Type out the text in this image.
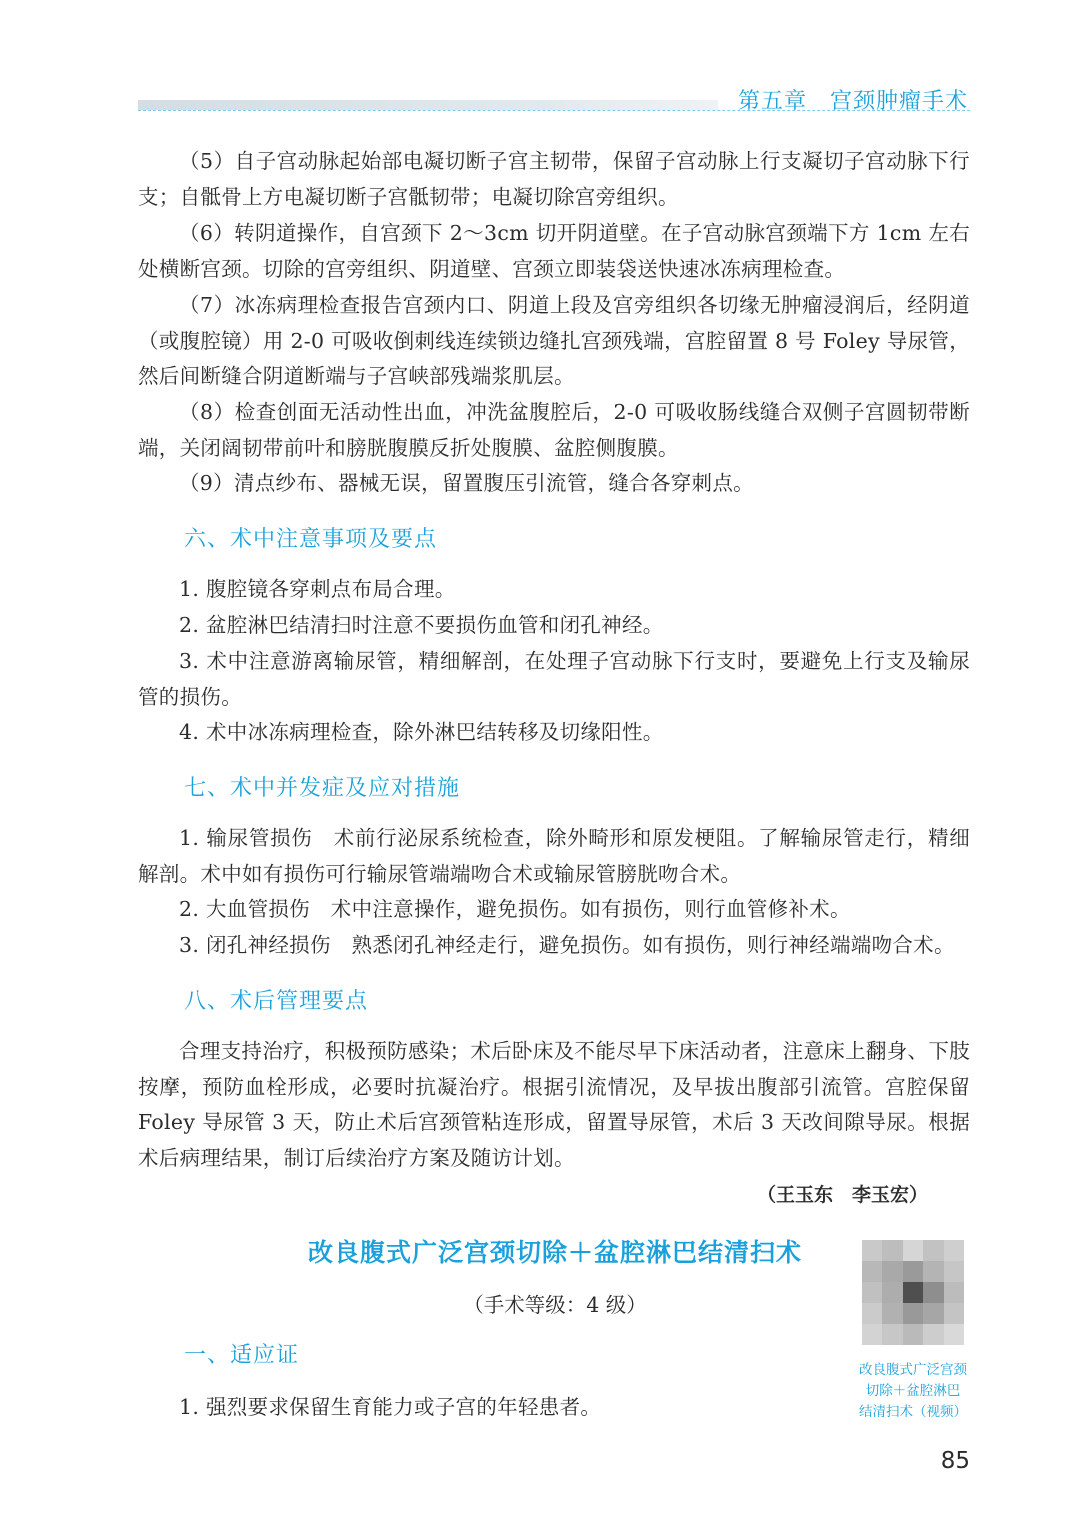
第五章　宫颈肿瘤手术

（5）自子宫动脉起始部电凝切断子宫主韧带，保留子宫动脉上行支凝切子宫动脉下行支；自骶骨上方电凝切断子宫骶韧带；电凝切除宫旁组织。

（6）转阴道操作，自宫颈下 2～3cm 切开阴道壁。在子宫动脉宫颈端下方 1cm 左右处横断宫颈。切除的宫旁组织、阴道壁、宫颈立即装袋送快速冰冻病理检查。

（7）冰冻病理检查报告宫颈内口、阴道上段及宫旁组织各切缘无肿瘤浸润后，经阴道（或腹腔镜）用 2-0 可吸收倒刺线连续锁边缝扎宫颈残端，宫腔留置 8 号 Foley 导尿管，然后间断缝合阴道断端与子宫峡部残端浆肌层。

（8）检查创面无活动性出血，冲洗盆腹腔后，2-0 可吸收肠线缝合双侧子宫圆韧带断端，关闭阔韧带前叶和膀胱腹膜反折处腹膜、盆腔侧腹膜。

（9）清点纱布、器械无误，留置腹压引流管，缝合各穿刺点。

六、术中注意事项及要点

1. 腹腔镜各穿刺点布局合理。

2. 盆腔淋巴结清扫时注意不要损伤血管和闭孔神经。

3. 术中注意游离输尿管，精细解剖，在处理子宫动脉下行支时，要避免上行支及输尿管的损伤。

4. 术中冰冻病理检查，除外淋巴结转移及切缘阳性。

七、术中并发症及应对措施

1. 输尿管损伤　术前行泌尿系统检查，除外畸形和原发梗阻。了解输尿管走行，精细解剖。术中如有损伤可行输尿管端端吻合术或输尿管膀胱吻合术。

2. 大血管损伤　术中注意操作，避免损伤。如有损伤，则行血管修补术。

3. 闭孔神经损伤　熟悉闭孔神经走行，避免损伤。如有损伤，则行神经端端吻合术。

八、术后管理要点

合理支持治疗，积极预防感染；术后卧床及不能尽早下床活动者，注意床上翻身、下肢按摩，预防血栓形成，必要时抗凝治疗。根据引流情况，及早拔出腹部引流管。宫腔保留 Foley 导尿管 3 天，防止术后宫颈管粘连形成，留置导尿管，术后 3 天改间隙导尿。根据术后病理结果，制订后续治疗方案及随访计划。

（王玉东　李玉宏）
改良腹式广泛宫颈切除＋盆腔淋巴结清扫术
（手术等级：4 级）
一、适应证

1. 强烈要求保留生育能力或子宫的年轻患者。

改良腹式广泛宫颈
切除＋盆腔淋巴
结清扫术（视频）
85
